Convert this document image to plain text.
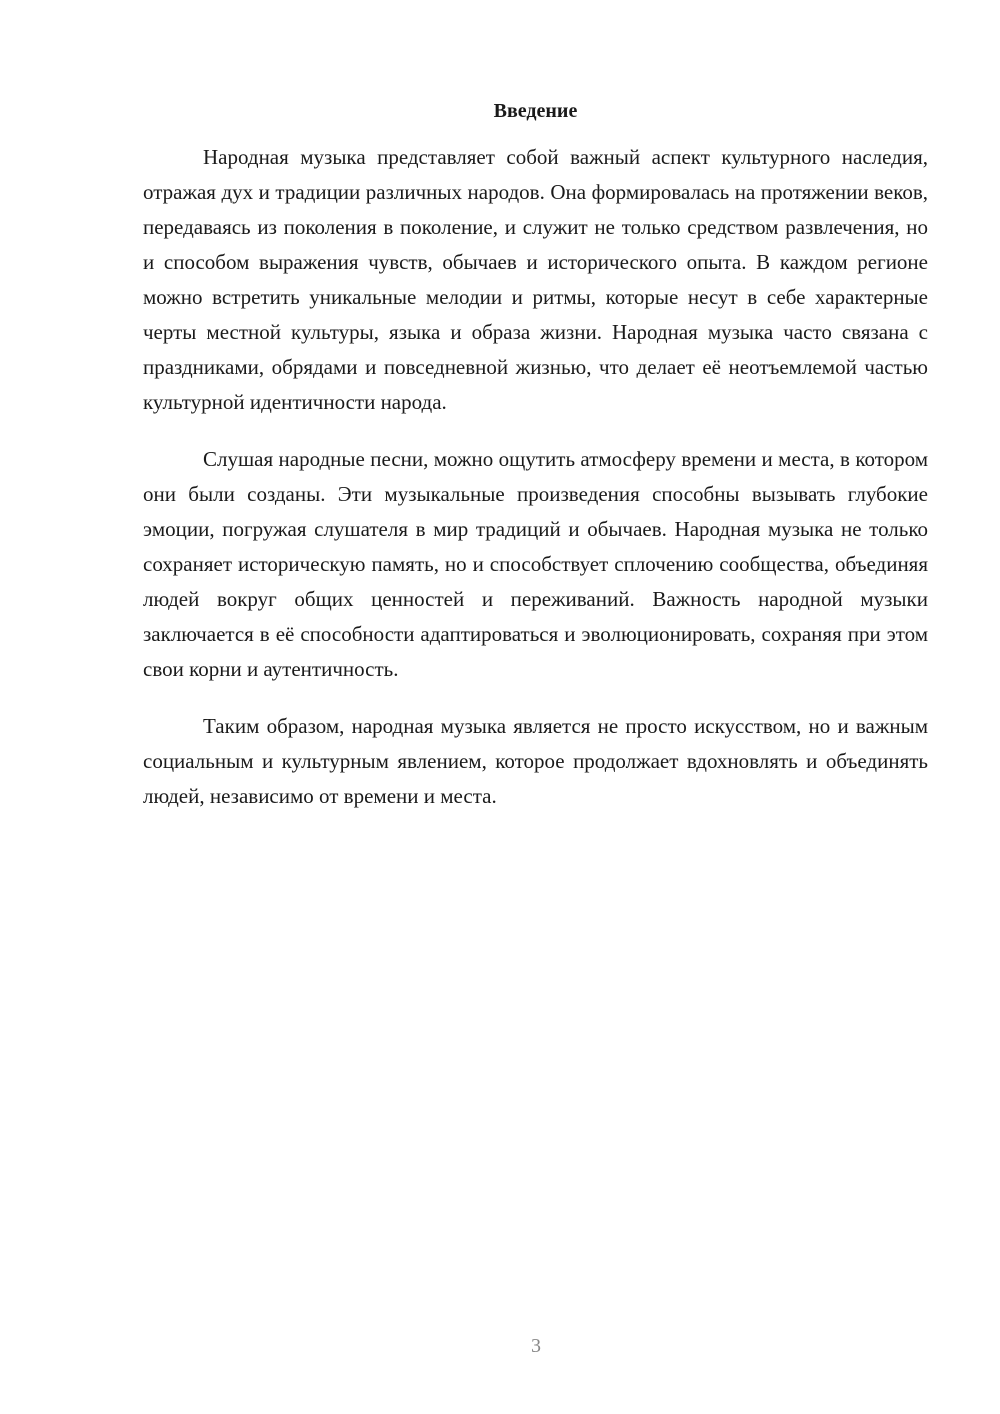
Введение

Народная музыка представляет собой важный аспект культурного наследия, отражая дух и традиции различных народов. Она формировалась на протяжении веков, передаваясь из поколения в поколение, и служит не только средством развлечения, но и способом выражения чувств, обычаев и исторического опыта. В каждом регионе можно встретить уникальные мелодии и ритмы, которые несут в себе характерные черты местной культуры, языка и образа жизни. Народная музыка часто связана с праздниками, обрядами и повседневной жизнью, что делает её неотъемлемой частью культурной идентичности народа.

Слушая народные песни, можно ощутить атмосферу времени и места, в котором они были созданы. Эти музыкальные произведения способны вызывать глубокие эмоции, погружая слушателя в мир традиций и обычаев. Народная музыка не только сохраняет историческую память, но и способствует сплочению сообщества, объединяя людей вокруг общих ценностей и переживаний. Важность народной музыки заключается в её способности адаптироваться и эволюционировать, сохраняя при этом свои корни и аутентичность.

Таким образом, народная музыка является не просто искусством, но и важным социальным и культурным явлением, которое продолжает вдохновлять и объединять людей, независимо от времени и места.

3
